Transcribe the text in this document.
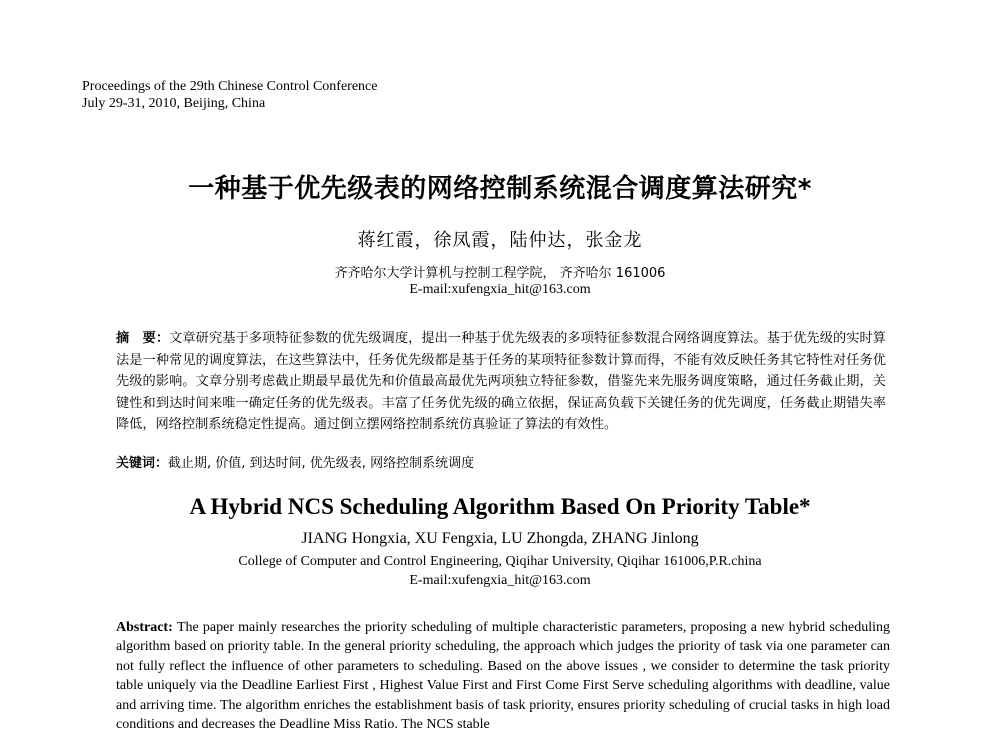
Proceedings of the 29th Chinese Control Conference
July 29-31, 2010, Beijing, China
一种基于优先级表的网络控制系统混合调度算法研究*
蒋红霞，徐凤霞，陆仲达，张金龙
齐齐哈尔大学计算机与控制工程学院， 齐齐哈尔 161006
E-mail:xufengxia_hit@163.com
摘　要：文章研究基于多项特征参数的优先级调度，提出一种基于优先级表的多项特征参数混合网络调度算法。基于优先级的实时算法是一种常见的调度算法，在这些算法中，任务优先级都是基于任务的某项特征参数计算而得，不能有效反映任务其它特性对任务优先级的影响。文章分别考虑截止期最早最优先和价值最高最优先两项独立特征参数，借鉴先来先服务调度策略，通过任务截止期，关键性和到达时间来唯一确定任务的优先级表。丰富了任务优先级的确立依据，保证高负载下关键任务的优先调度，任务截止期错失率降低，网络控制系统稳定性提高。通过倒立摆网络控制系统仿真验证了算法的有效性。
关键词：截止期, 价值, 到达时间, 优先级表, 网络控制系统调度
A Hybrid NCS Scheduling Algorithm Based On Priority Table*
JIANG Hongxia, XU Fengxia, LU Zhongda, ZHANG Jinlong
College of Computer and Control Engineering, Qiqihar University, Qiqihar 161006,P.R.china
E-mail:xufengxia_hit@163.com
Abstract: The paper mainly researches the priority scheduling of multiple characteristic parameters, proposing a new hybrid scheduling algorithm based on priority table. In the general priority scheduling, the approach which judges the priority of task via one parameter can not fully reflect the influence of other parameters to scheduling. Based on the above issues , we consider to determine the task priority table uniquely via the Deadline Earliest First , Highest Value First and First Come First Serve scheduling algorithms with deadline, value and arriving time. The algorithm enriches the establishment basis of task priority, ensures priority scheduling of crucial tasks in high load conditions and decreases the Deadline Miss Ratio. The NCS stable
